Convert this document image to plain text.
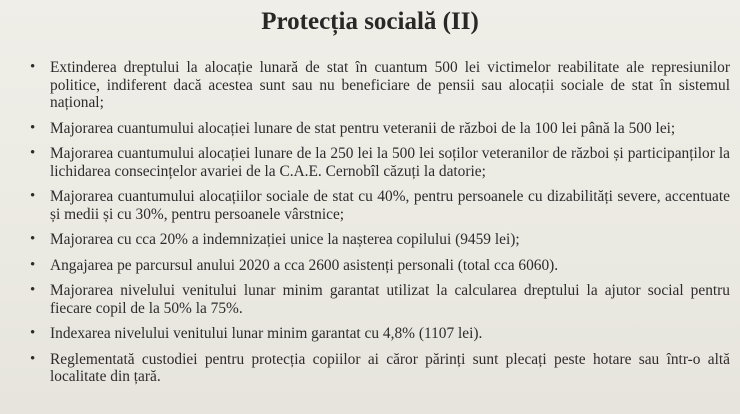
Protecția socială (II)
• Extinderea dreptului la alocație lunară de stat în cuantum 500 lei victimelor reabilitate ale represiunilor politice, indiferent dacă acestea sunt sau nu beneficiare de pensii sau alocații sociale de stat în sistemul național;
• Majorarea cuantumului alocației lunare de stat pentru veteranii de război de la 100 lei până la 500 lei;
• Majorarea cuantumului alocației lunare de la 250 lei la 500 lei soților veteranilor de război și participanților la lichidarea consecințelor avariei de la C.A.E. Cernobîl căzuți la datorie;
• Majorarea cuantumului alocațiilor sociale de stat cu 40%, pentru persoanele cu dizabilități severe, accentuate și medii și cu 30%, pentru persoanele vârstnice;
• Majorarea cu cca 20% a indemnizației unice la nașterea copilului (9459 lei);
• Angajarea pe parcursul anului 2020 a cca 2600 asistenți personali (total cca 6060).
• Majorarea nivelului venitului lunar minim garantat utilizat la calcularea dreptului la ajutor social pentru fiecare copil de la 50% la 75%.
• Indexarea nivelului venitului lunar minim garantat cu 4,8% (1107 lei).
• Reglementată custodiei pentru protecția copiilor ai căror părinți sunt plecați peste hotare sau într-o altă localitate din țară.
